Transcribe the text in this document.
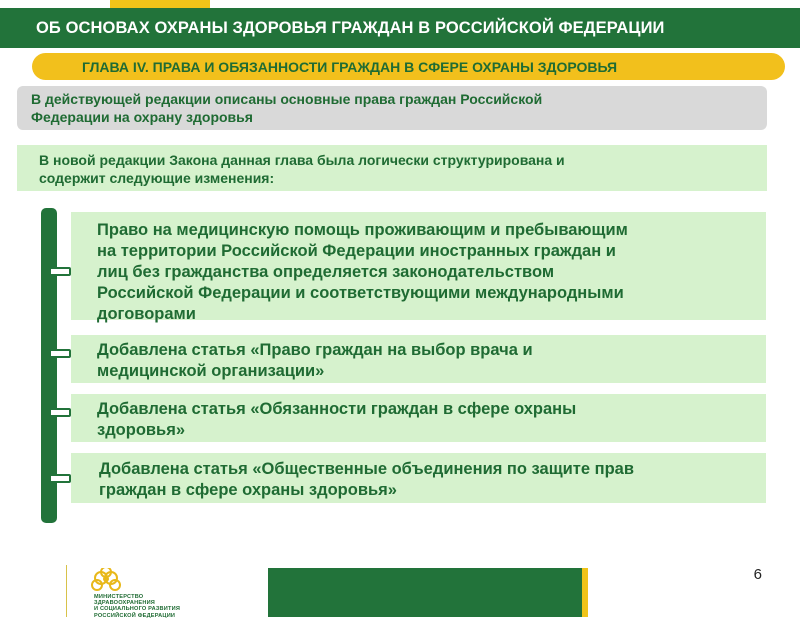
ОБ ОСНОВАХ ОХРАНЫ ЗДОРОВЬЯ ГРАЖДАН В РОССИЙСКОЙ ФЕДЕРАЦИИ
ГЛАВА IV. ПРАВА И ОБЯЗАННОСТИ ГРАЖДАН В СФЕРЕ ОХРАНЫ ЗДОРОВЬЯ
В действующей редакции описаны основные права граждан Российской
Федерации на охрану здоровья
В новой редакции Закона данная глава была логически структурирована и
содержит следующие изменения:
Право на медицинскую помощь проживающим и пребывающим
на территории Российской Федерации иностранных граждан и
лиц без гражданства определяется законодательством
Российской Федерации и соответствующими международными
договорами
Добавлена статья «Право граждан на выбор врача и
медицинской организации»
Добавлена статья «Обязанности граждан в сфере охраны
здоровья»
Добавлена статья «Общественные объединения по защите прав
граждан в сфере охраны здоровья»
6
МИНИСТЕРСТВО
ЗДРАВООХРАНЕНИЯ
И СОЦИАЛЬНОГО РАЗВИТИЯ
РОССИЙСКОЙ ФЕДЕРАЦИИ
